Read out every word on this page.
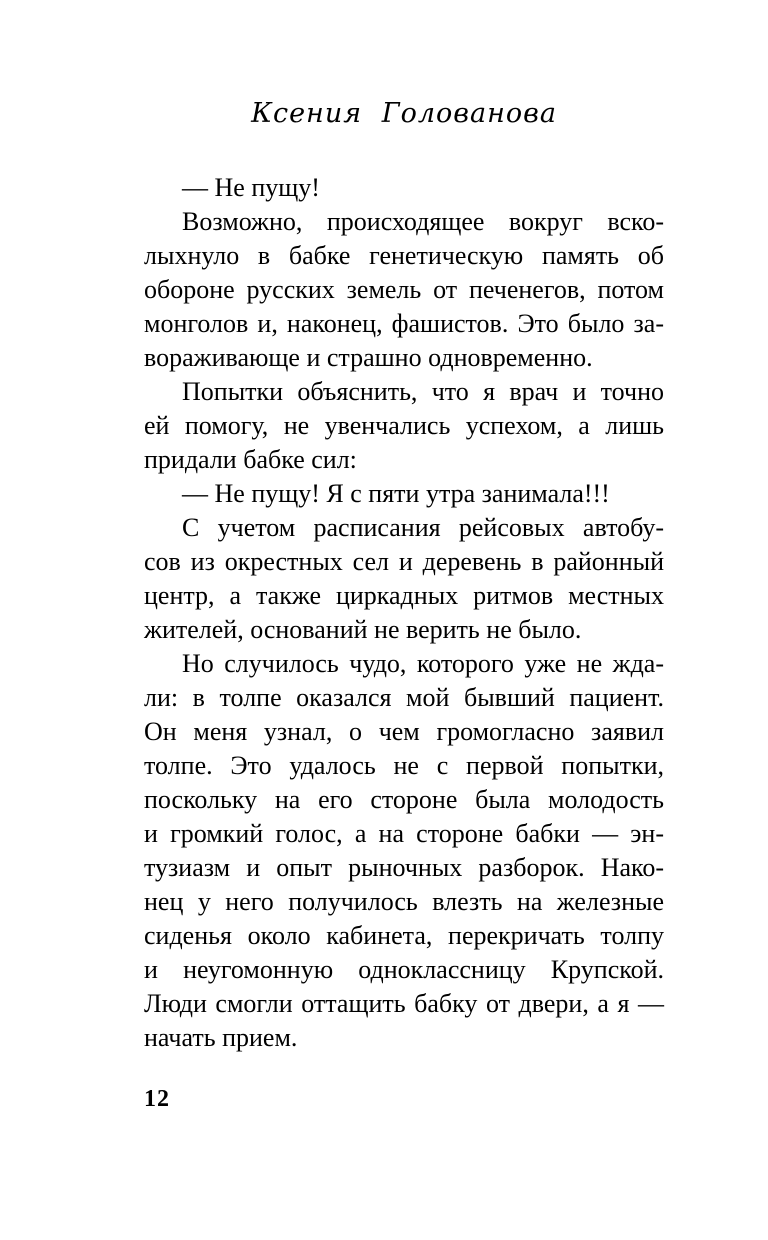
Ксения Голованова
— Не пущу!
Возможно, происходящее вокруг вско-
лыхнуло в бабке генетическую память об
обороне русских земель от печенегов, потом
монголов и, наконец, фашистов. Это было за-
вораживающе и страшно одновременно.
Попытки объяснить, что я врач и точно
ей помогу, не увенчались успехом, а лишь
придали бабке сил:
— Не пущу! Я с пяти утра занимала!!!
С учетом расписания рейсовых автобу-
сов из окрестных сел и деревень в районный
центр, а также циркадных ритмов местных
жителей, оснований не верить не было.
Но случилось чудо, которого уже не жда-
ли: в толпе оказался мой бывший пациент.
Он меня узнал, о чем громогласно заявил
толпе. Это удалось не с первой попытки,
поскольку на его стороне была молодость
и громкий голос, а на стороне бабки — эн-
тузиазм и опыт рыночных разборок. Нако-
нец у него получилось влезть на железные
сиденья около кабинета, перекричать толпу
и неугомонную одноклассницу Крупской.
Люди смогли оттащить бабку от двери, а я —
начать прием.
12
